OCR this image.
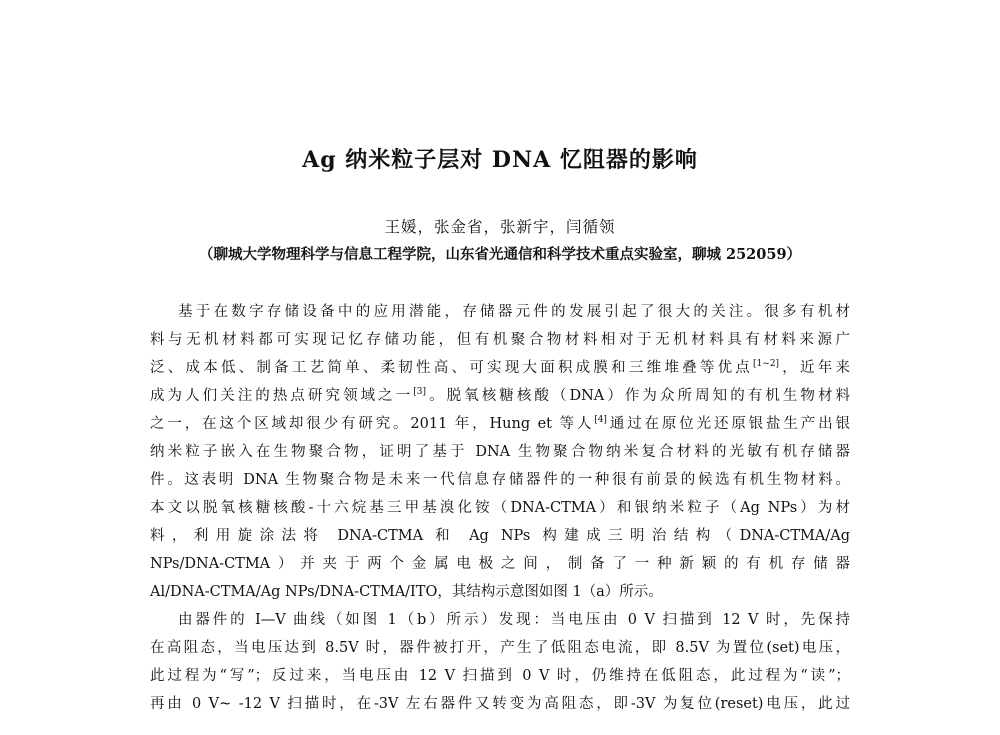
Ag 纳米粒子层对 DNA 忆阻器的影响
王媛，张金省，张新宇，闫循领
（聊城大学物理科学与信息工程学院，山东省光通信和科学技术重点实验室，聊城 252059）
基于在数字存储设备中的应用潜能，存储器元件的发展引起了很大的关注。很多有机材
料与无机材料都可实现记忆存储功能，但有机聚合物材料相对于无机材料具有材料来源广
泛、成本低、制备工艺简单、柔韧性高、可实现大面积成膜和三维堆叠等优点[1~2]，近年来
成为人们关注的热点研究领域之一[3]。脱氧核糖核酸（DNA）作为众所周知的有机生物材料
之一，在这个区域却很少有研究。2011 年，Hung et 等人[4]通过在原位光还原银盐生产出银
纳米粒子嵌入在生物聚合物，证明了基于 DNA 生物聚合物纳米复合材料的光敏有机存储器
件。这表明 DNA 生物聚合物是未来一代信息存储器件的一种很有前景的候选有机生物材料。
本文以脱氧核糖核酸-十六烷基三甲基溴化铵（DNA-CTMA）和银纳米粒子（Ag NPs）为材
料，利用旋涂法将 DNA-CTMA 和 Ag NPs 构建成三明治结构（DNA-CTMA/Ag
NPs/DNA-CTMA）并夹于两个金属电极之间，制备了一种新颖的有机存储器
Al/DNA-CTMA/Ag NPs/DNA-CTMA/ITO，其结构示意图如图 1（a）所示。
由器件的 I—V 曲线（如图 1（b）所示）发现：当电压由 0 V 扫描到 12 V 时，先保持
在高阻态，当电压达到 8.5V 时，器件被打开，产生了低阻态电流，即 8.5V 为置位(set)电压，
此过程为“写”；反过来，当电压由 12 V 扫描到 0 V 时，仍维持在低阻态，此过程为“读”；
再由 0 V~ -12 V 扫描时，在-3V 左右器件又转变为高阻态，即-3V 为复位(reset)电压，此过
